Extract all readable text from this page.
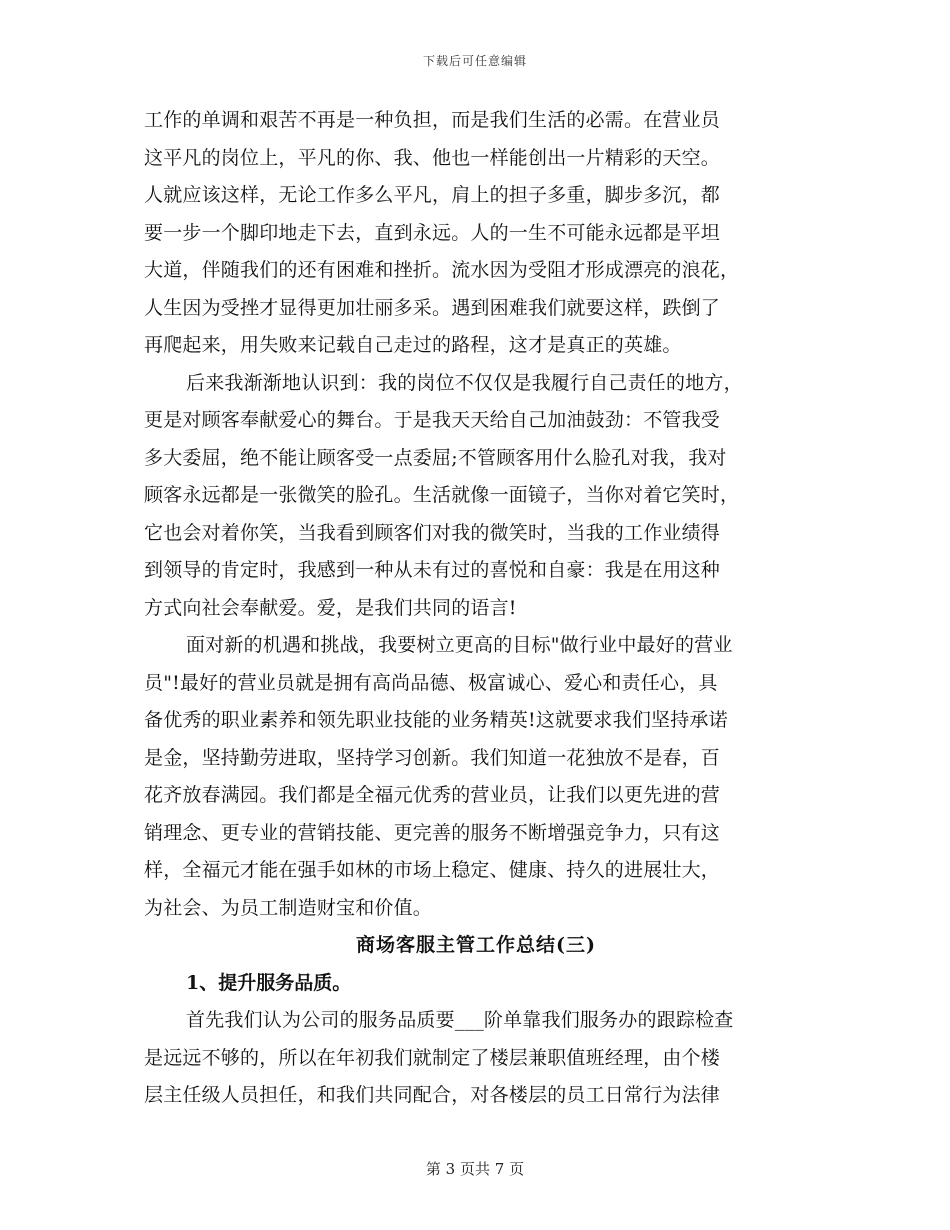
下载后可任意编辑
工作的单调和艰苦不再是一种负担，而是我们生活的必需。在营业员
这平凡的岗位上，平凡的你、我、他也一样能创出一片精彩的天空。
人就应该这样，无论工作多么平凡，肩上的担子多重，脚步多沉，都
要一步一个脚印地走下去，直到永远。人的一生不可能永远都是平坦
大道，伴随我们的还有困难和挫折。流水因为受阻才形成漂亮的浪花，
人生因为受挫才显得更加壮丽多采。遇到困难我们就要这样，跌倒了
再爬起来，用失败来记载自己走过的路程，这才是真正的英雄。
后来我渐渐地认识到：我的岗位不仅仅是我履行自己责任的地方，
更是对顾客奉献爱心的舞台。于是我天天给自己加油鼓劲：不管我受
多大委屈，绝不能让顾客受一点委屈;不管顾客用什么脸孔对我，我对
顾客永远都是一张微笑的脸孔。生活就像一面镜子，当你对着它笑时，
它也会对着你笑，当我看到顾客们对我的微笑时，当我的工作业绩得
到领导的肯定时，我感到一种从未有过的喜悦和自豪：我是在用这种
方式向社会奉献爱。爱，是我们共同的语言!
面对新的机遇和挑战，我要树立更高的目标"做行业中最好的营业
员"!最好的营业员就是拥有高尚品德、极富诚心、爱心和责任心，具
备优秀的职业素养和领先职业技能的业务精英!这就要求我们坚持承诺
是金，坚持勤劳进取，坚持学习创新。我们知道一花独放不是春，百
花齐放春满园。我们都是全福元优秀的营业员，让我们以更先进的营
销理念、更专业的营销技能、更完善的服务不断增强竞争力，只有这
样，全福元才能在强手如林的市场上稳定、健康、持久的进展壮大，
为社会、为员工制造财宝和价值。
商场客服主管工作总结(三)
1、提升服务品质。
首先我们认为公司的服务品质要___阶单靠我们服务办的跟踪检查
是远远不够的，所以在年初我们就制定了楼层兼职值班经理，由个楼
层主任级人员担任，和我们共同配合，对各楼层的员工日常行为法律
第 3 页共 7 页
